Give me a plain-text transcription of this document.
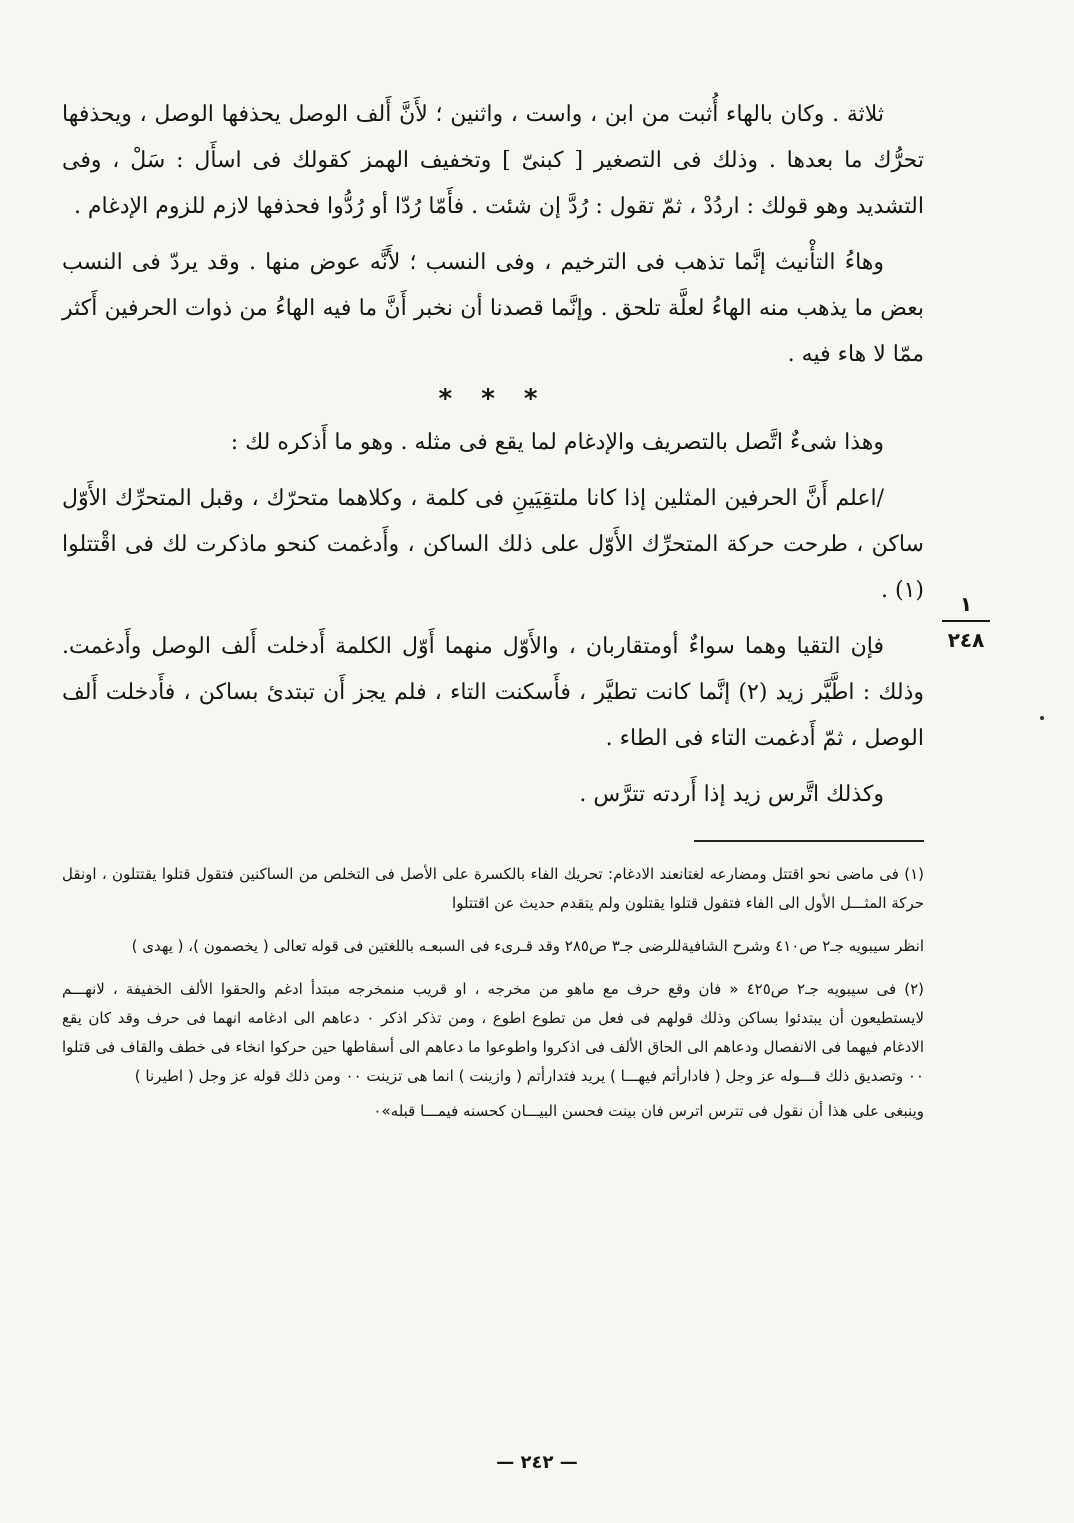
ثلاثة . وكان بالهاء أُثبت من ابن ، واست ، واثنين ؛ لأَنَّ أَلف الوصل يحذفها الوصل ، ويحذفها تحرُّك ما بعدها . وذلك فى التصغير [ كبنىّ ] وتخفيف الهمز كقولك فى اسأَل : سَلْ ، وفى التشديد وهو قولك : اردُدْ ، ثمّ تقول : رُدَّ إن شئت . فأَمّا رُدّا أو رُدُّوا فحذفها لازم للزوم الإدغام .

وهاءُ التأْنيث إنَّما تذهب فى الترخيم ، وفى النسب ؛ لأَنَّه عوض منها . وقد يردّ فى النسب بعض ما يذهب منه الهاءُ لعلَّة تلحق . وإنَّما قصدنا أن نخبر أَنَّ ما فيه الهاءُ من ذوات الحرفين أَكثر ممّا لا هاء فيه .

* * *

وهذا شىءٌ اتَّصل بالتصريف والإدغام لما يقع فى مثله . وهو ما أَذكره لك :

/اعلم أَنَّ الحرفين المثلين إذا كانا ملتقِيَينِ فى كلمة ، وكلاهما متحرّك ، وقبل المتحرِّك الأَوّل ساكن ، طرحت حركة المتحرِّك الأَوّل على ذلك الساكن ، وأَدغمت كنحو ماذكرت لك فى اقْتتلوا (١) .

فإن التقيا وهما سواءٌ أومتقاربان ، والأَوّل منهما أَوّل الكلمة أَدخلت أَلف الوصل وأَدغمت. وذلك : اطَّيَّر زيد (٢) إنَّما كانت تطيَّر ، فأَسكنت التاء ، فلم يجز أَن تبتدئ بساكن ، فأَدخلت أَلف الوصل ، ثمّ أَدغمت التاء فى الطاء .

وكذلك اتَّرس زيد إذا أَردته تترَّس .

(١) فى ماضى نحو اقتتل ومضارعه لغتانعند الادغام: تحريك الفاء بالكسرة على الأصل فى التخلص من الساكنين فتقول قتلوا يقتتلون ، اونقل حركة المثـــل الأول الى الفاء فتقول قتلوا يقتلون ولم يتقدم حديث عن اقتتلوا

انظر سيبويه جـ٢ ص٤١٠ وشرح الشافيةللرضى جـ٣ ص٢٨٥ وقد قـرىء فى السبعـه باللغتين فى قوله تعالى ( يخصمون )، ( يهدى )

(٢) فى سيبويه جـ٢ ص٤٢٥ « فان وقع حرف مع ماهو من مخرجه ، او قريب منمخرجه مبتدأ ادغم والحقوا الألف الخفيفة ، لانهـــم لايستطيعون أن يبتدئوا بساكن وذلك قولهم فى فعل من تطوع اطوع ، ومن تذكر اذكر ٠ دعاهم الى ادغامه انهما فى حرف وقد كان يقع الادغام فيهما فى الانفصال ودعاهم الى الحاق الألف فى اذكروا واطوعوا ما دعاهم الى أسقاطها حين حركوا انخاء فى خطف والقاف فى قتلوا ٠٠ وتصديق ذلك قـــوله عز وجل ( فادارأتم فيهـــا ) يريد فتدارأتم ( وازينت ) انما هى تزينت ٠٠ ومن ذلك قوله عز وجل ( اطيرنا )

وينبغى على هذا أن نقول فى تترس اترس فان بينت فحسن البيـــان كحسنه فيمـــا قبله»٠

١
٢٤٨
— ٢٤٢ —
